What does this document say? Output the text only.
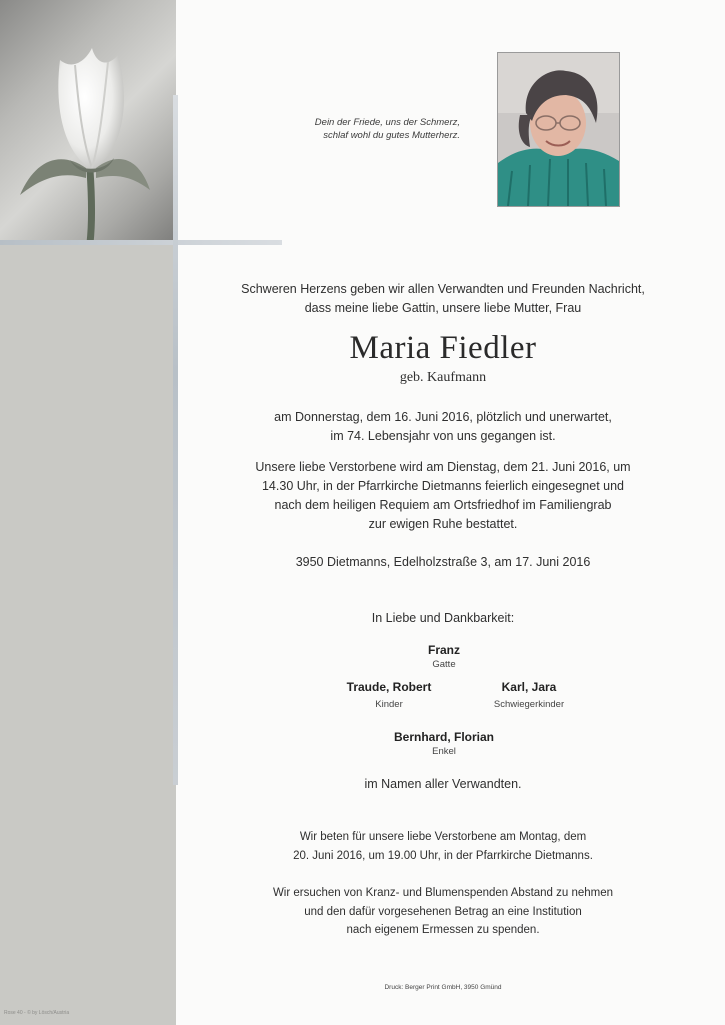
Rose 40 - © by Lösch/Austria
Dein der Friede, uns der Schmerz,
schlaf wohl du gutes Mutterherz.
Schweren Herzens geben wir allen Verwandten und Freunden Nachricht,
dass meine liebe Gattin, unsere liebe Mutter, Frau
Maria Fiedler
geb. Kaufmann
am Donnerstag, dem 16. Juni 2016, plötzlich und unerwartet,
im 74. Lebensjahr von uns gegangen ist.
Unsere liebe Verstorbene wird am Dienstag, dem 21. Juni 2016, um
14.30 Uhr, in der Pfarrkirche Dietmanns feierlich eingesegnet und
nach dem heiligen Requiem am Ortsfriedhof im Familiengrab
zur ewigen Ruhe bestattet.
3950 Dietmanns, Edelholzstraße 3, am 17. Juni 2016
In Liebe und Dankbarkeit:
Franz
Gatte
Traude, Robert
Kinder
Karl, Jara
Schwiegerkinder
Bernhard, Florian
Enkel
im Namen aller Verwandten.
Wir beten für unsere liebe Verstorbene am Montag, dem
20. Juni 2016, um 19.00 Uhr, in der Pfarrkirche Dietmanns.
Wir ersuchen von Kranz- und Blumenspenden Abstand zu nehmen
und den dafür vorgesehenen Betrag an eine Institution
nach eigenem Ermessen zu spenden.
Druck: Berger Print GmbH, 3950 Gmünd
